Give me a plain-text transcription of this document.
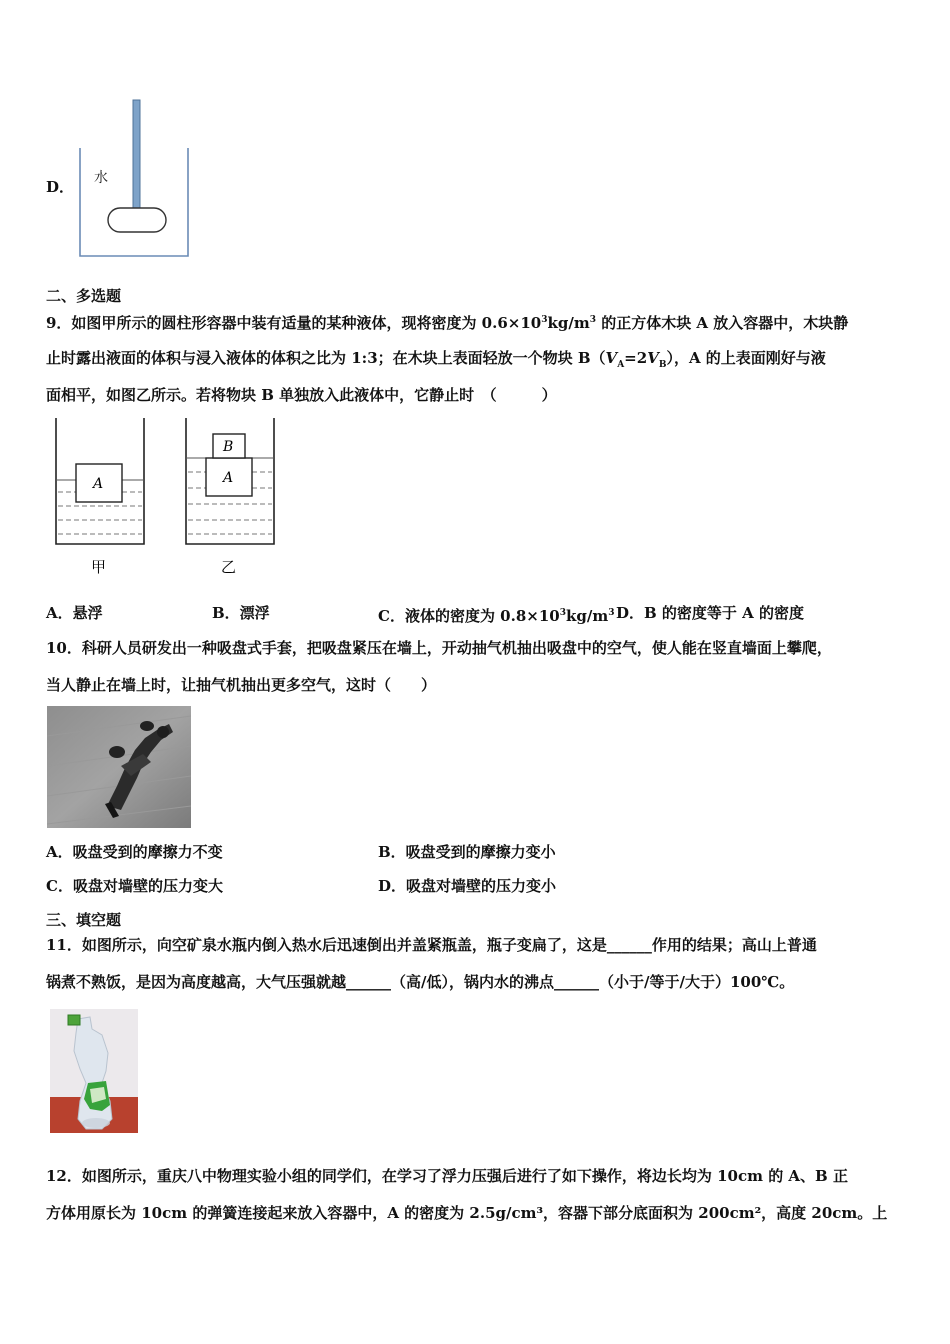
D． 水
二、多选题
9．如图甲所示的圆柱形容器中装有适量的某种液体，现将密度为 $0.6\times 10^3kg/m^3$ 的正方体木块 A 放入容器中，木块静
止时露出液面的体积与浸入液体的体积之比为 1:3；在木块上表面轻放一个物块 $B(V_A=2V_B)$，A 的上表面刚好与液
面相平，如图乙所示。若将物块 B 单独放入此液体中，它静止时　（　　　）
A
甲
A
B
乙
A．悬浮	B．漂浮	C．液体的密度为 $0.8\times 10^3kg/m^3$ D．B 的密度等于 A 的密度
10．科研人员研发出一种吸盘式手套，把吸盘紧压在墙上，开动抽气机抽出吸盘中的空气，使人能在竖直墙面上攀爬，
当人静止在墙上时，让抽气机抽出更多空气，这时（　　）
A．吸盘受到的摩擦力不变	B．吸盘受到的摩擦力变小
C．吸盘对墙壁的压力变大	D．吸盘对墙壁的压力变小
三、填空题
11．如图所示，向空矿泉水瓶内倒入热水后迅速倒出并盖紧瓶盖，瓶子变扁了，这是______作用的结果；高山上普通
锅煮不熟饭，是因为高度越高，大气压强就越______（高/低），锅内水的沸点______（小于/等于/大于）100℃。
12．如图所示，重庆八中物理实验小组的同学们，在学习了浮力压强后进行了如下操作，将边长均为 10cm 的 A、B 正
方体用原长为 10cm 的弹簧连接起来放入容器中，A 的密度为 2.5g/cm³，容器下部分底面积为 200cm²，高度 20cm。上
